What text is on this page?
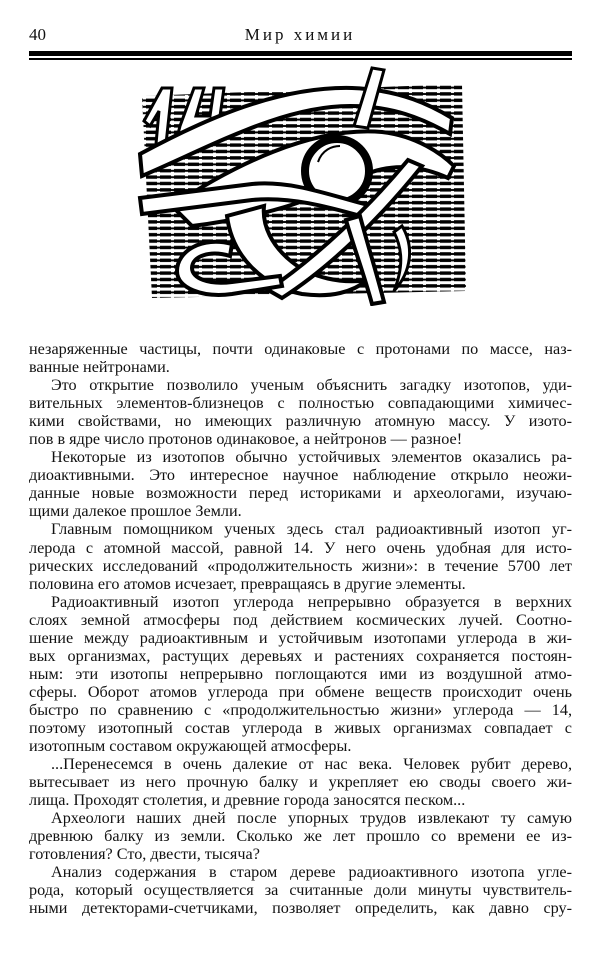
40	Мир химии
незаряженные частицы, почти одинаковые с протонами по массе, наз-
ванные нейтронами.
Это открытие позволило ученым объяснить загадку изотопов, уди-
вительных элементов-близнецов с полностью совпадающими химичес-
кими свойствами, но имеющих различную атомную массу. У изото-
пов в ядре число протонов одинаковое, а нейтронов — разное!
Некоторые из изотопов обычно устойчивых элементов оказались ра-
диоактивными. Это интересное научное наблюдение открыло неожи-
данные новые возможности перед историками и археологами, изучаю-
щими далекое прошлое Земли.
Главным помощником ученых здесь стал радиоактивный изотоп уг-
лерода с атомной массой, равной 14. У него очень удобная для исто-
рических исследований «продолжительность жизни»: в течение 5700 лет
половина его атомов исчезает, превращаясь в другие элементы.
Радиоактивный изотоп углерода непрерывно образуется в верхних
слоях земной атмосферы под действием космических лучей. Соотно-
шение между радиоактивным и устойчивым изотопами углерода в жи-
вых организмах, растущих деревьях и растениях сохраняется постоян-
ным: эти изотопы непрерывно поглощаются ими из воздушной атмо-
сферы. Оборот атомов углерода при обмене веществ происходит очень
быстро по сравнению с «продолжительностью жизни» углерода — 14,
поэтому изотопный состав углерода в живых организмах совпадает с
изотопным составом окружающей атмосферы.
...Перенесемся в очень далекие от нас века. Человек рубит дерево,
вытесывает из него прочную балку и укрепляет ею своды своего жи-
лища. Проходят столетия, и древние города заносятся песком...
Археологи наших дней после упорных трудов извлекают ту самую
древнюю балку из земли. Сколько же лет прошло со времени ее из-
готовления? Сто, двести, тысяча?
Анализ содержания в старом дереве радиоактивного изотопа угле-
рода, который осуществляется за считанные доли минуты чувствитель-
ными детекторами-счетчиками, позволяет определить, как давно сру-
